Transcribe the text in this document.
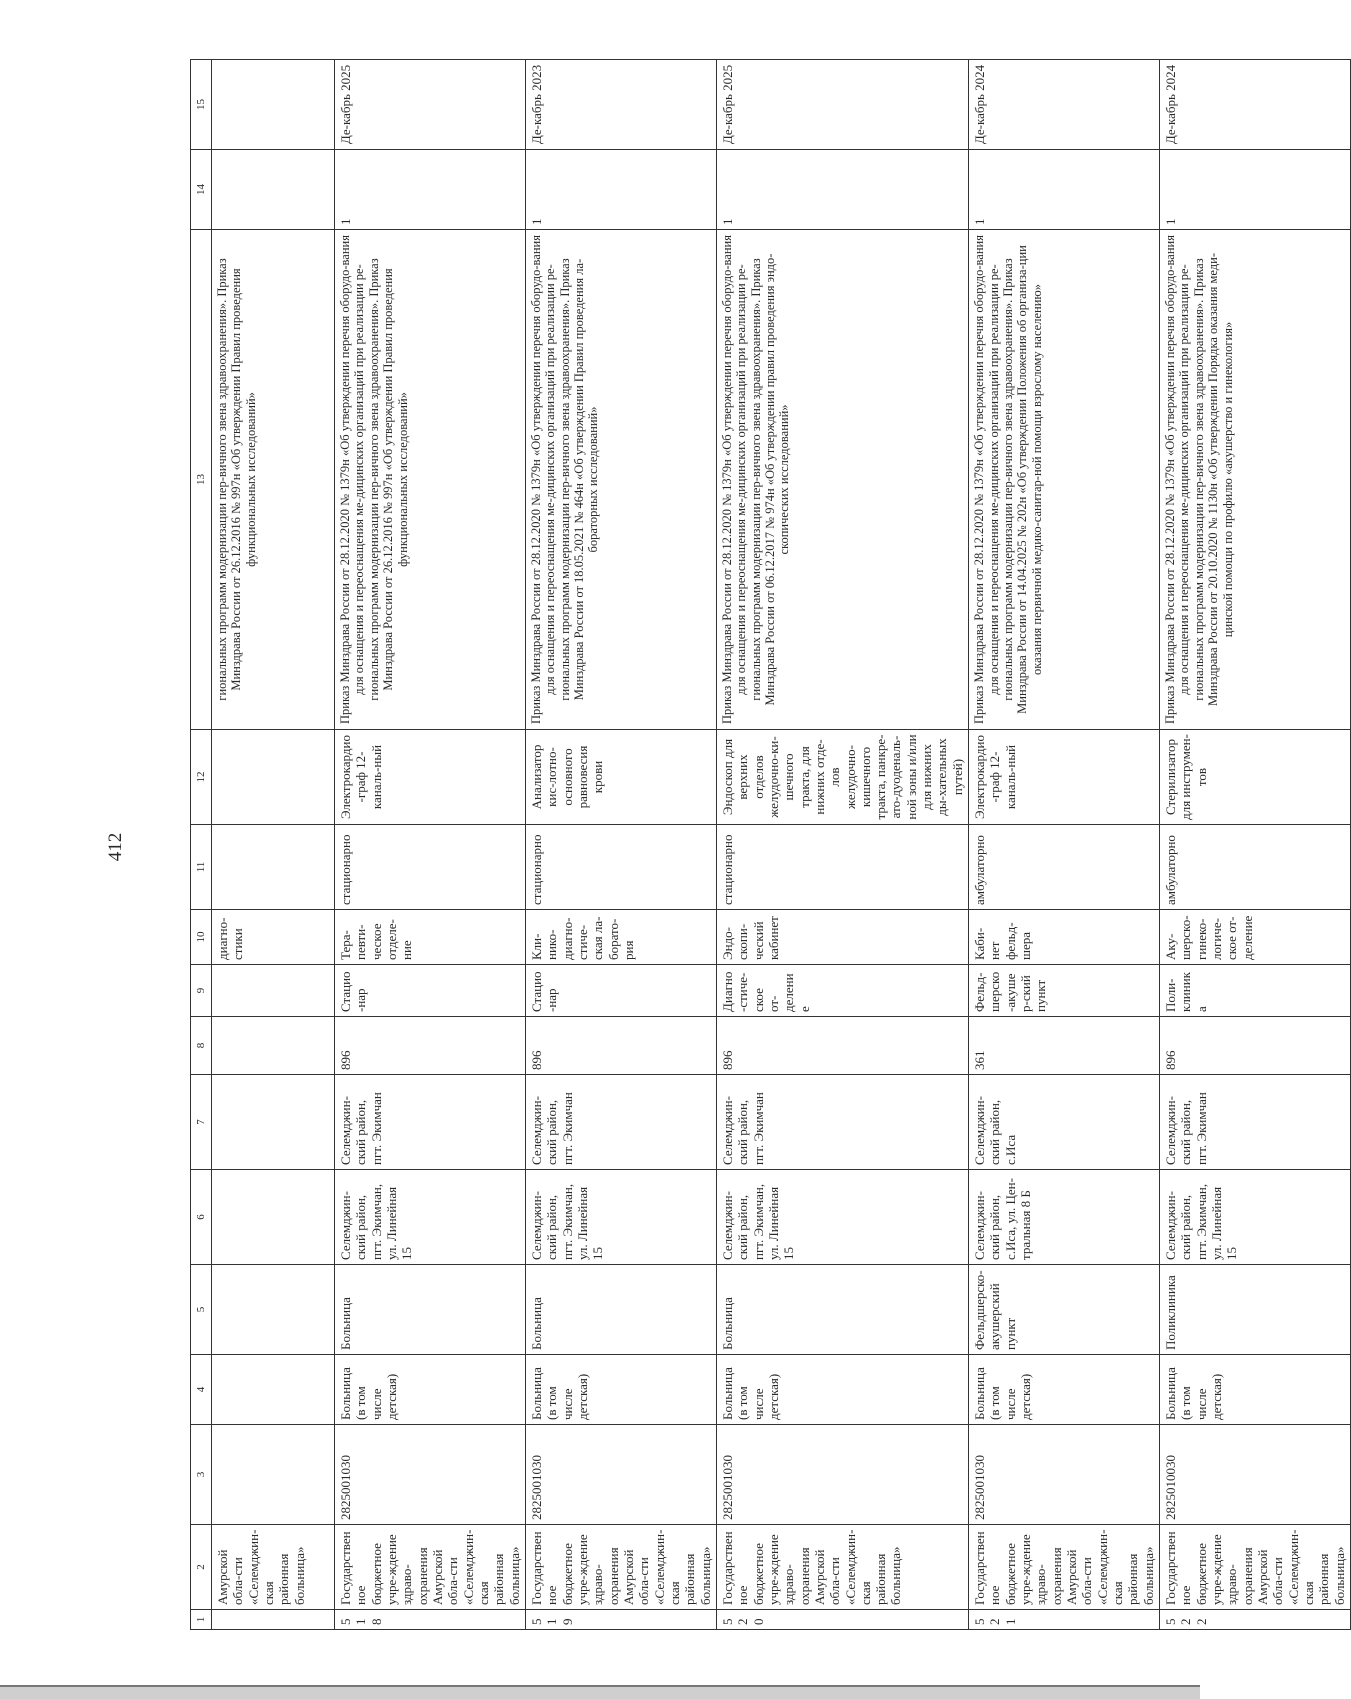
412
1	2	3	4	5	6	7	8	9	10	11	12	13	14	15
	Амурской обла-сти «Селемджин-ская районная больница»								диагно-стики			гиональных программ модернизации пер-вичного звена здравоохранения». Приказ Минздрава России от 26.12.2016 № 997н «Об утверждении Правил проведения функциональных исследований»		
518	Государственное бюджетное учре-ждение здраво-охранения Амурской обла-сти «Селемджин-ская районная больница»	2825001030	Больница (в том числе детская)	Больница	Селемджин-ский район, пгт. Экимчан, ул. Линейная 15	Селемджин-ский район, пгт. Экимчан	896	Стацио-нар	Тера-певти-ческое отделе-ние	стационарно	Электрокардио-граф 12-каналь-ный	Приказ Минздрава России от 28.12.2020 № 1379н «Об утверждении перечня оборудо-вания для оснащения и переоснащения ме-дицинских организаций при реализации ре-гиональных программ модернизации пер-вичного звена здравоохранения». Приказ Минздрава России от 26.12.2016 № 997н «Об утверждении Правил проведения функциональных исследований»	1	Де-кабрь 2025
519	Государственное бюджетное учре-ждение здраво-охранения Амурской обла-сти «Селемджин-ская районная больница»	2825001030	Больница (в том числе детская)	Больница	Селемджин-ский район, пгт. Экимчан, ул. Линейная 15	Селемджин-ский район, пгт. Экимчан	896	Стацио-нар	Кли-нико-диагно-стиче-ская ла-борато-рия	стационарно	Анализатор кис-лотно-основного равновесия крови	Приказ Минздрава России от 28.12.2020 № 1379н «Об утверждении перечня оборудо-вания для оснащения и переоснащения ме-дицинских организаций при реализации ре-гиональных программ модернизации пер-вичного звена здравоохранения». Приказ Минздрава России от 18.05.2021 № 464н «Об утверждении Правил проведения ла-бораторных исследований»	1	Де-кабрь 2023
520	Государственное бюджетное учре-ждение здраво-охранения Амурской обла-сти «Селемджин-ская районная больница»	2825001030	Больница (в том числе детская)	Больница	Селемджин-ский район, пгт. Экимчан, ул. Линейная 15	Селемджин-ский район, пгт. Экимчан	896	Диагно-стиче-ское от-деление	Эндо-скопи-ческий кабинет	стационарно	Эндоскоп для верхних отделов желудочно-ки-шечного тракта, для нижних отде-лов желудочно-кишечного тракта, панкре-ато-дуоденаль-ной зоны и/или для нижних ды-хательных путей)	Приказ Минздрава России от 28.12.2020 № 1379н «Об утверждении перечня оборудо-вания для оснащения и переоснащения ме-дицинских организаций при реализации ре-гиональных программ модернизации пер-вичного звена здравоохранения». Приказ Минздрава России от 06.12.2017 № 974н «Об утверждении правил проведения эндо-скопических исследований»	1	Де-кабрь 2025
521	Государственное бюджетное учре-ждение здраво-охранения Амурской обла-сти «Селемджин-ская районная больница»	2825001030	Больница (в том числе детская)	Фельдшерско-акушерский пункт	Селемджин-ский район, с.Иса, ул. Цен-тральная 8 Б	Селемджин-ский район, с.Иса	361	Фельд-шерско-акушер-ский пункт	Каби-нет фельд-шера	амбулаторно	Электрокардио-граф 12-каналь-ный	Приказ Минздрава России от 28.12.2020 № 1379н «Об утверждении перечня оборудо-вания для оснащения и переоснащения ме-дицинских организаций при реализации ре-гиональных программ модернизации пер-вичного звена здравоохранения». Приказ Минздрава России от 14.04.2025 № 202н «Об утверждении Положения об организа-ции оказания первичной медико-санитар-ной помощи взрослому населению»	1	Де-кабрь 2024
522	Государственное бюджетное учре-ждение здраво-охранения Амурской обла-сти «Селемджин-ская районная больница»	2825010030	Больница (в том числе детская)	Поликлиника	Селемджин-ский район, пгт. Экимчан, ул. Линейная 15	Селемджин-ский район, пгт. Экимчан	896	Поли-клиника	Аку-шерско-гинеко-логиче-ское от-деление	амбулаторно	Стерилизатор для инструмен-тов	Приказ Минздрава России от 28.12.2020 № 1379н «Об утверждении перечня оборудо-вания для оснащения и переоснащения ме-дицинских организаций при реализации ре-гиональных программ модернизации пер-вичного звена здравоохранения». Приказ Минздрава России от 20.10.2020 № 1130н «Об утверждении Порядка оказания меди-цинской помощи по профилю «акушерство и гинекология»	1	Де-кабрь 2024
